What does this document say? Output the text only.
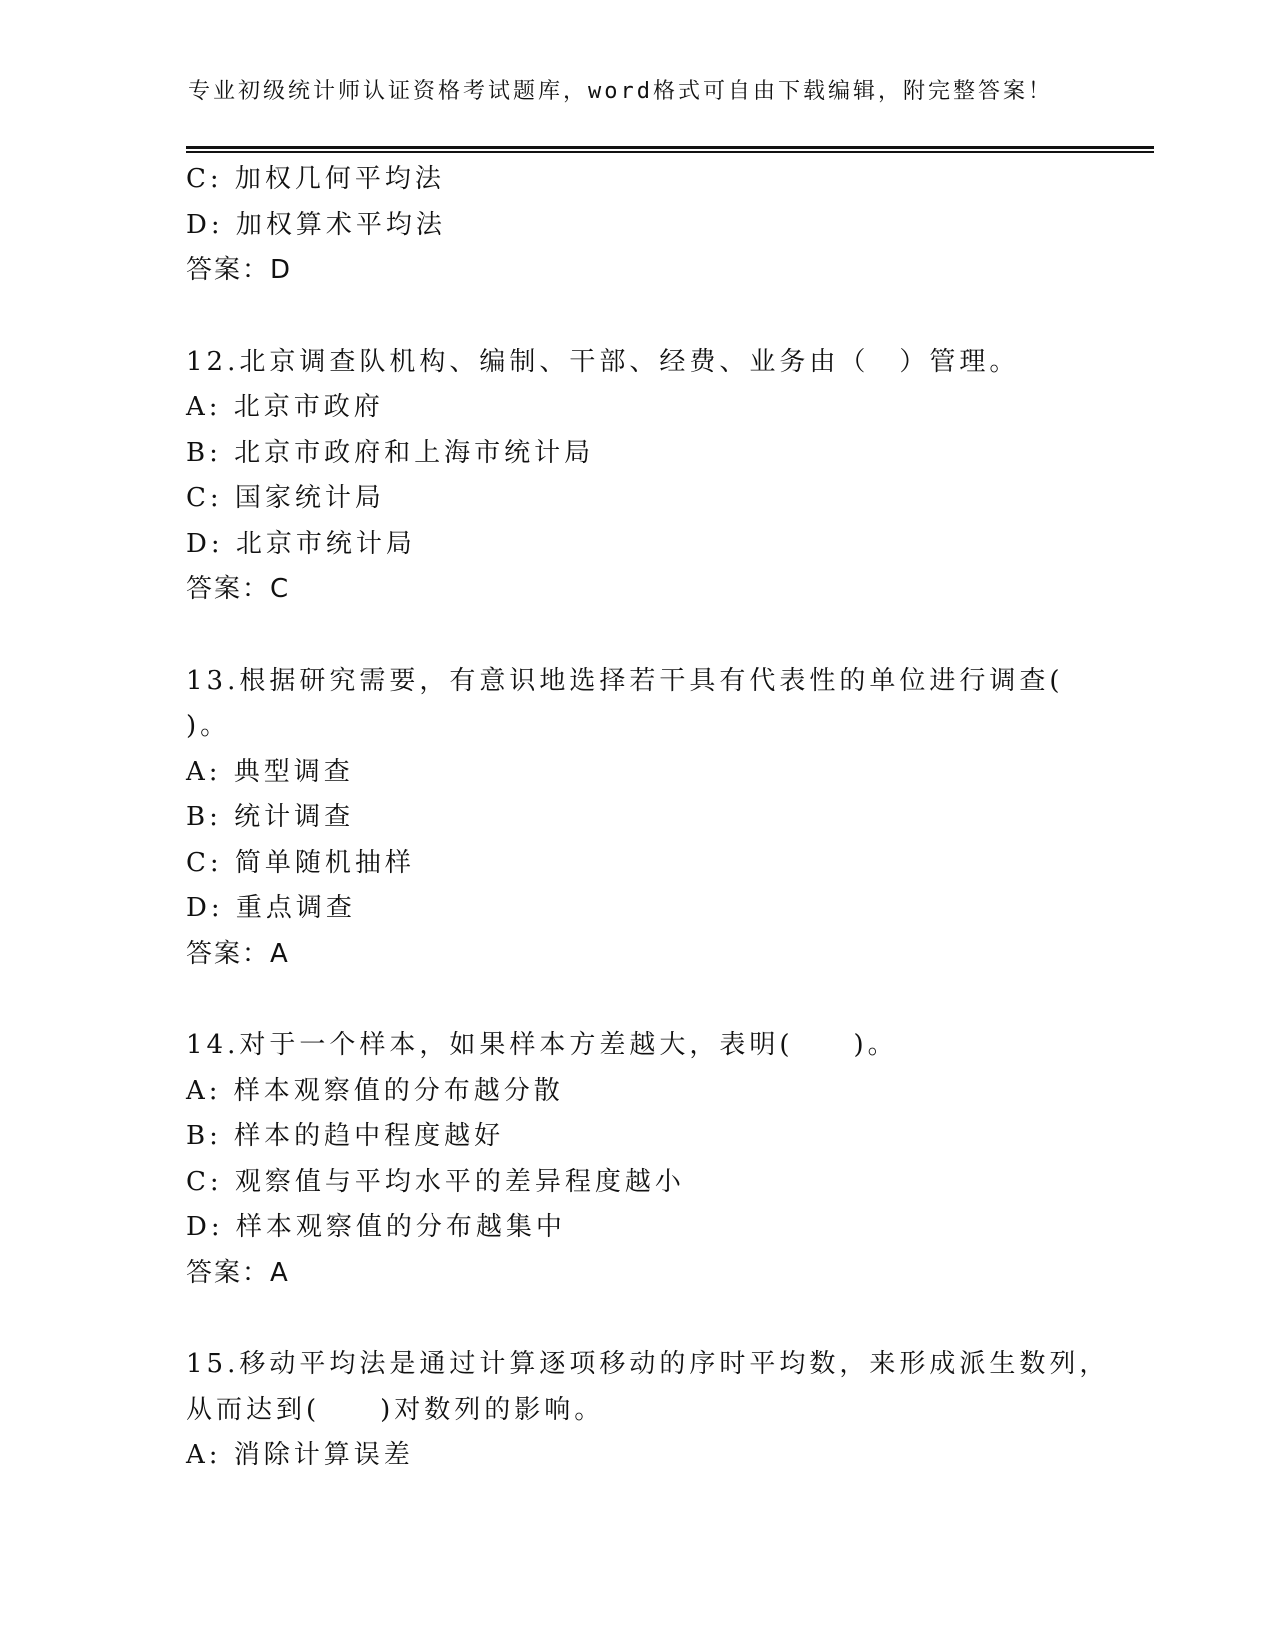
专业初级统计师认证资格考试题库，word格式可自由下载编辑，附完整答案！
C: 加权几何平均法
D: 加权算术平均法
答案：D
12.北京调查队机构、编制、干部、经费、业务由（　）管理。
A: 北京市政府
B: 北京市政府和上海市统计局
C: 国家统计局
D: 北京市统计局
答案：C
13.根据研究需要，有意识地选择若干具有代表性的单位进行调查(
)。
A: 典型调查
B: 统计调查
C: 简单随机抽样
D: 重点调查
答案：A
14.对于一个样本，如果样本方差越大，表明(　　)。
A: 样本观察值的分布越分散
B: 样本的趋中程度越好
C: 观察值与平均水平的差异程度越小
D: 样本观察值的分布越集中
答案：A
15.移动平均法是通过计算逐项移动的序时平均数，来形成派生数列，
从而达到(　　)对数列的影响。
A: 消除计算误差
